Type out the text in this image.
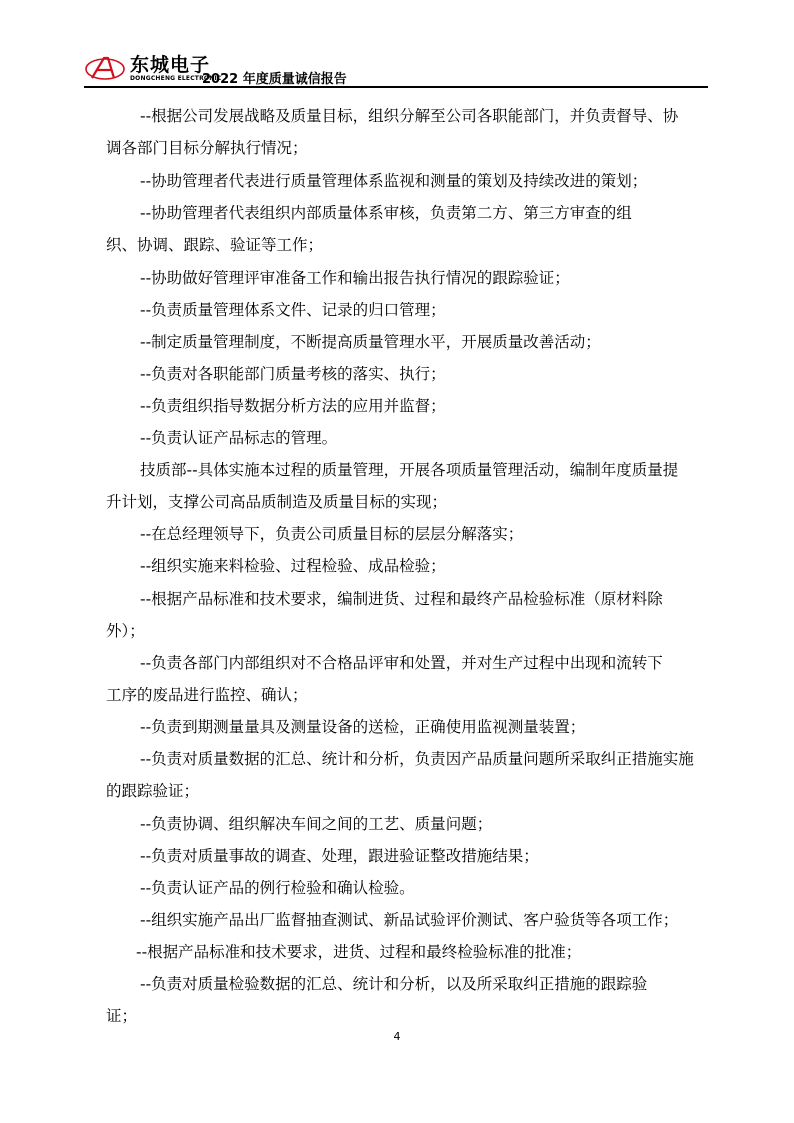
东城电子
DONGCHENG ELECTRONIC
2022 年度质量诚信报告
--根据公司发展战略及质量目标，组织分解至公司各职能部门，并负责督导、协
调各部门目标分解执行情况；
--协助管理者代表进行质量管理体系监视和测量的策划及持续改进的策划；
--协助管理者代表组织内部质量体系审核，负责第二方、第三方审查的组
织、协调、跟踪、验证等工作；
--协助做好管理评审准备工作和输出报告执行情况的跟踪验证；
--负责质量管理体系文件、记录的归口管理；
--制定质量管理制度，不断提高质量管理水平，开展质量改善活动；
--负责对各职能部门质量考核的落实、执行；
--负责组织指导数据分析方法的应用并监督；
--负责认证产品标志的管理。
技质部--具体实施本过程的质量管理，开展各项质量管理活动，编制年度质量提
升计划，支撑公司高品质制造及质量目标的实现；
--在总经理领导下，负责公司质量目标的层层分解落实；
--组织实施来料检验、过程检验、成品检验；
--根据产品标准和技术要求，编制进货、过程和最终产品检验标准（原材料除
外）；
--负责各部门内部组织对不合格品评审和处置，并对生产过程中出现和流转下
工序的废品进行监控、确认；
--负责到期测量量具及测量设备的送检，正确使用监视测量装置；
--负责对质量数据的汇总、统计和分析，负责因产品质量问题所采取纠正措施实施
的跟踪验证；
--负责协调、组织解决车间之间的工艺、质量问题；
--负责对质量事故的调查、处理，跟进验证整改措施结果；
--负责认证产品的例行检验和确认检验。
--组织实施产品出厂监督抽查测试、新品试验评价测试、客户验货等各项工作；
--根据产品标准和技术要求，进货、过程和最终检验标准的批准；
--负责对质量检验数据的汇总、统计和分析，以及所采取纠正措施的跟踪验
证；
4
